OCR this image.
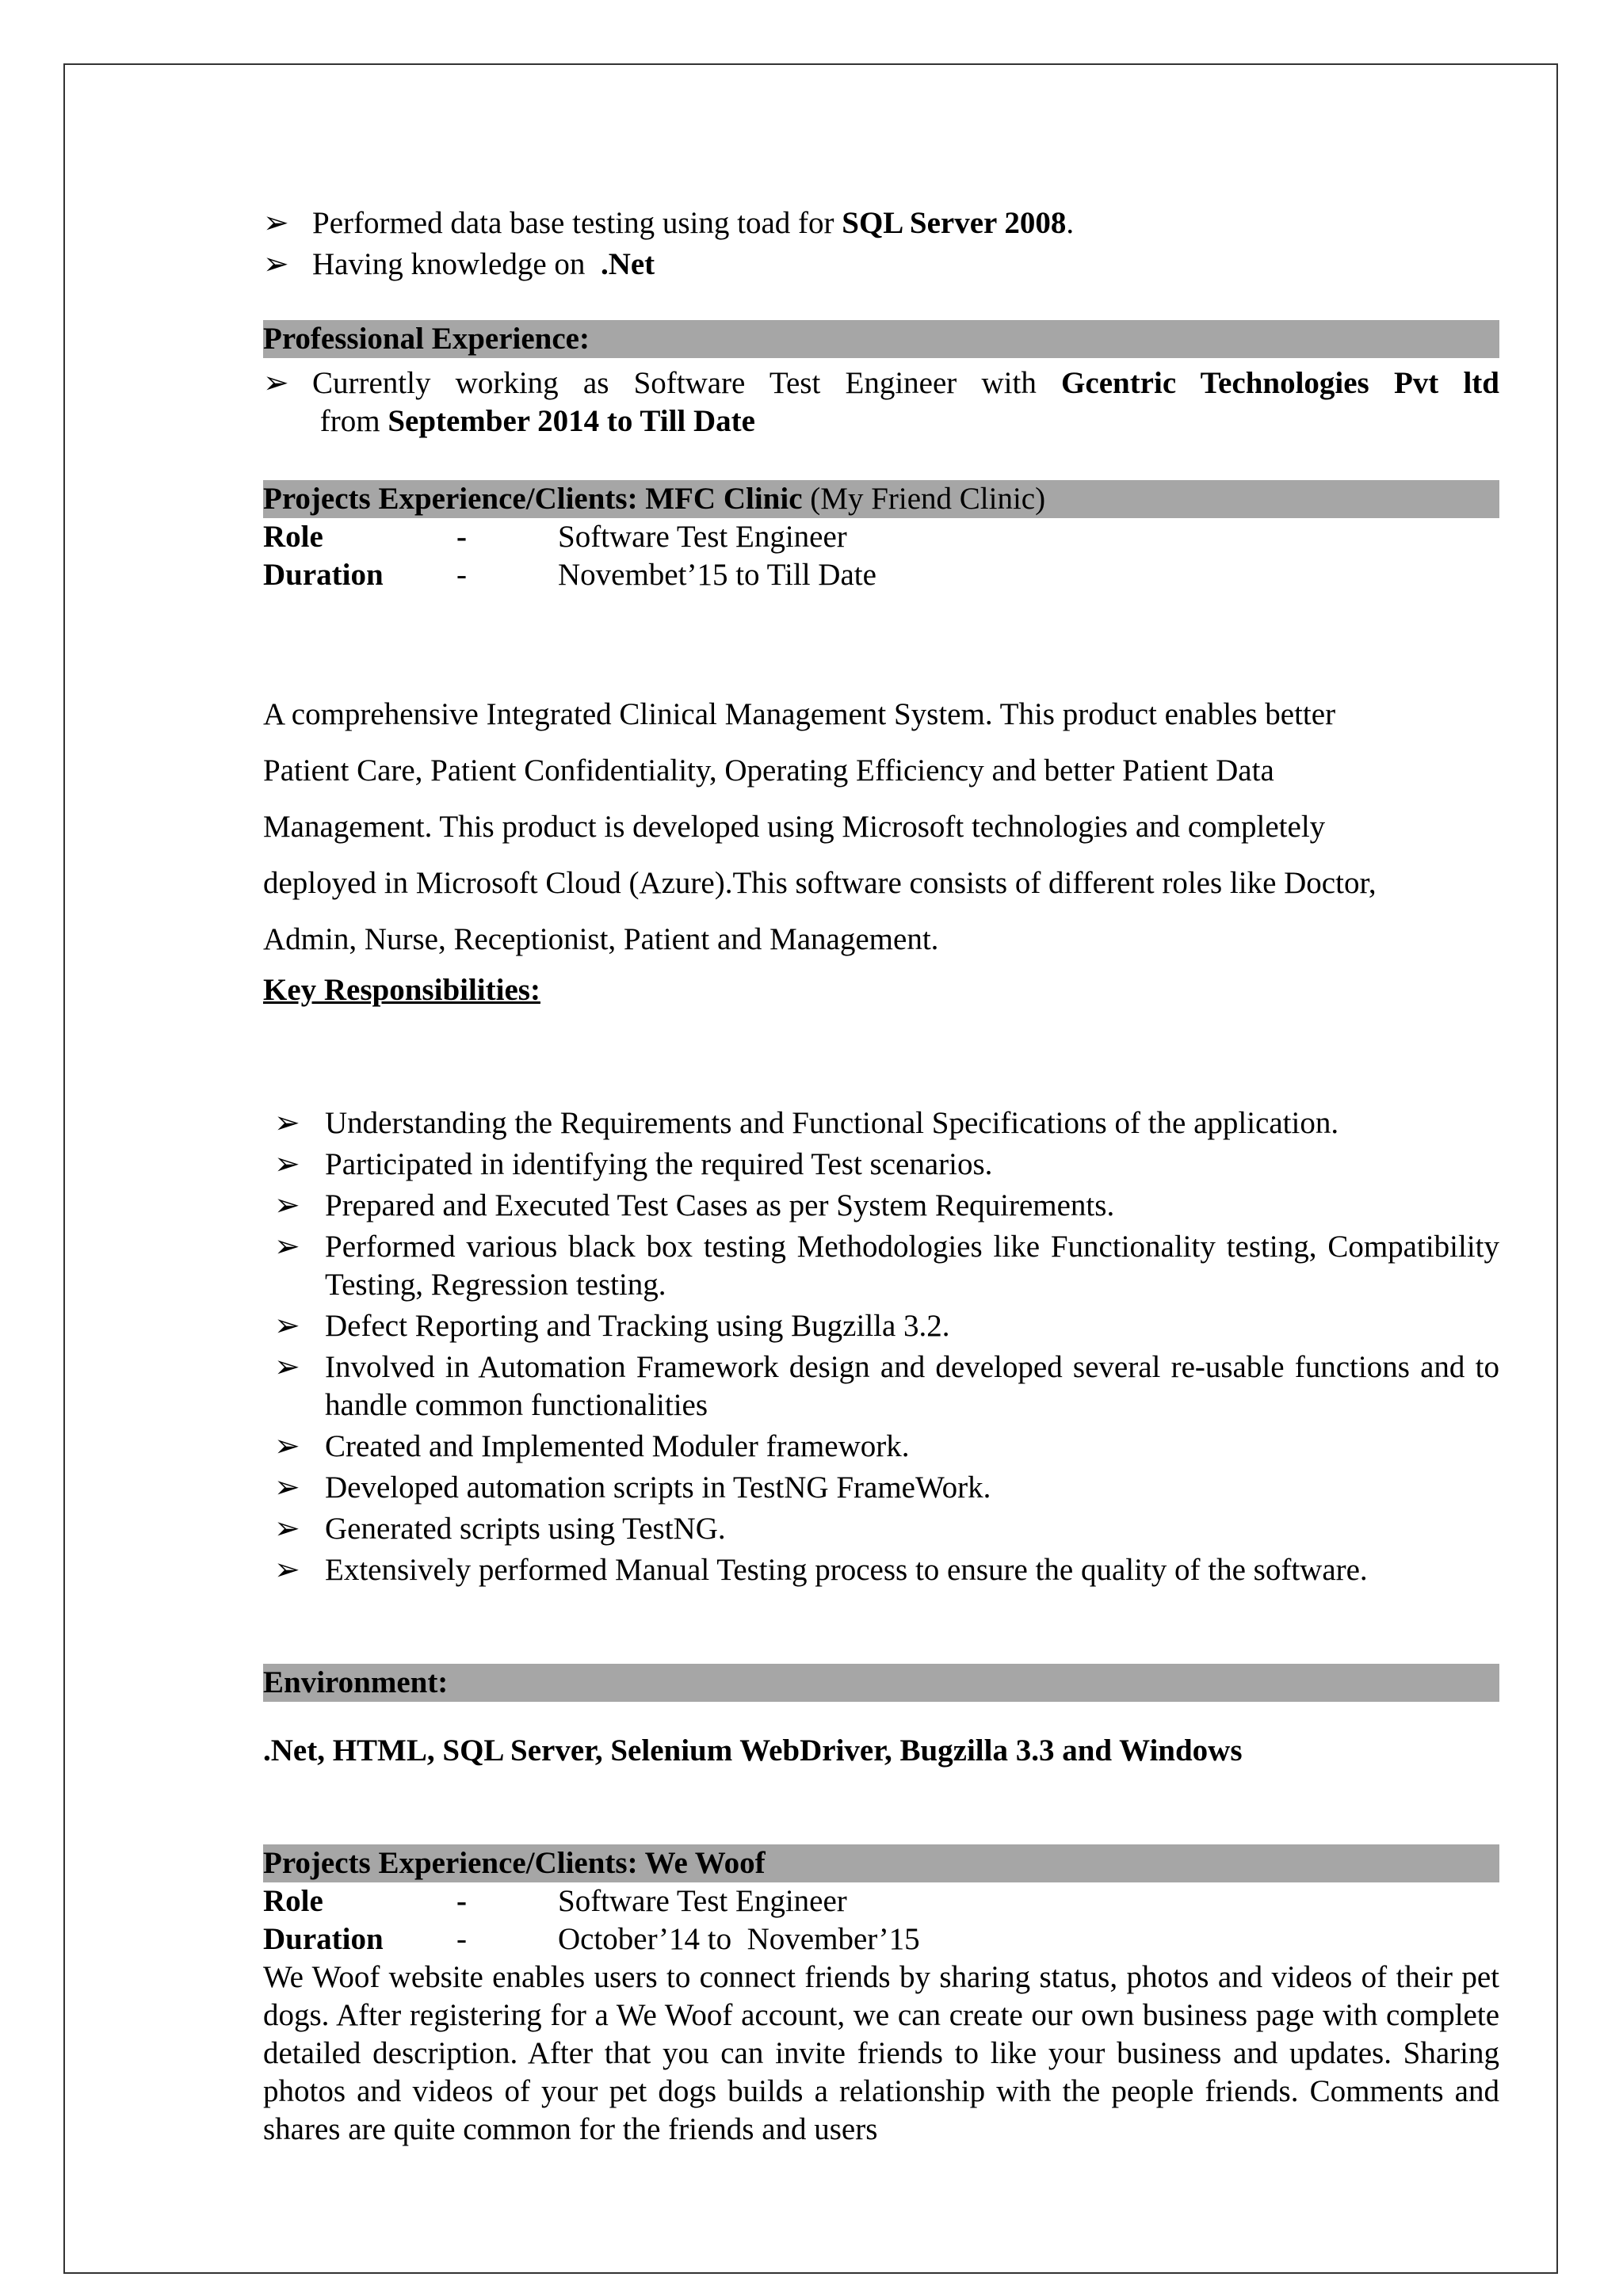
➢ Performed data base testing using toad for SQL Server 2008.
➢ Having knowledge on  .Net
Professional Experience:
➢ Currently working as Software Test Engineer with Gcentric Technologies Pvt ltd from September 2014 to Till Date
Projects Experience/Clients: MFC Clinic (My Friend Clinic)
Role	-	Software Test Engineer
Duration -	Novembet’15 to Till Date

A comprehensive Integrated Clinical Management System. This product enables better

Patient Care, Patient Confidentiality, Operating Efficiency and better Patient Data

Management. This product is developed using Microsoft technologies and completely

deployed in Microsoft Cloud (Azure).This software consists of different roles like Doctor,

Admin, Nurse, Receptionist, Patient and Management.

Key Responsibilities:
➢ Understanding the Requirements and Functional Specifications of the application.
➢ Participated in identifying the required Test scenarios.
➢ Prepared and Executed Test Cases as per System Requirements.
➢ Performed various black box testing Methodologies like Functionality testing, Compatibility Testing, Regression testing.
➢ Defect Reporting and Tracking using Bugzilla 3.2.
➢ Involved in Automation Framework design and developed several re-usable functions and to handle common functionalities
➢ Created and Implemented Moduler framework.
➢ Developed automation scripts in TestNG FrameWork.
➢ Generated scripts using TestNG.
➢ Extensively performed Manual Testing process to ensure the quality of the software.
Environment:
.Net, HTML, SQL Server, Selenium WebDriver, Bugzilla 3.3 and Windows
Projects Experience/Clients: We Woof
Role	-	Software Test Engineer
Duration -	October’14 to  November’15

We Woof website enables users to connect friends by sharing status, photos and videos of their pet dogs. After registering for a We Woof account, we can create our own business page with complete detailed description. After that you can invite friends to like your business and updates. Sharing photos and videos of your pet dogs builds a relationship with the people friends. Comments and shares are quite common for the friends and users
